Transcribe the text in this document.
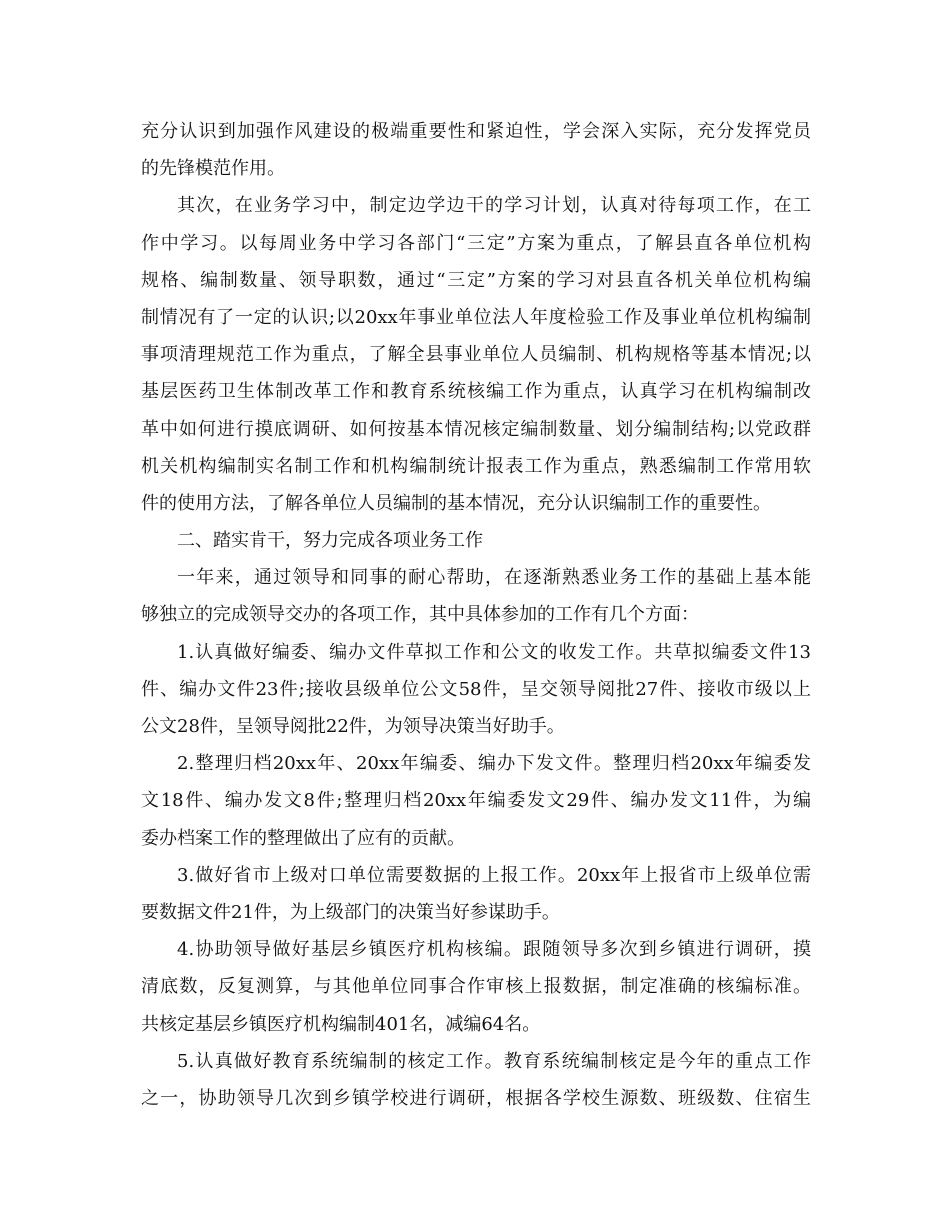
充分认识到加强作风建设的极端重要性和紧迫性，学会深入实际，充分发挥党员
的先锋模范作用。
其次，在业务学习中，制定边学边干的学习计划，认真对待每项工作，在工
作中学习。以每周业务中学习各部门“三定”方案为重点，了解县直各单位机构
规格、编制数量、领导职数，通过“三定”方案的学习对县直各机关单位机构编
制情况有了一定的认识;以20xx年事业单位法人年度检验工作及事业单位机构编制
事项清理规范工作为重点，了解全县事业单位人员编制、机构规格等基本情况;以
基层医药卫生体制改革工作和教育系统核编工作为重点，认真学习在机构编制改
革中如何进行摸底调研、如何按基本情况核定编制数量、划分编制结构;以党政群
机关机构编制实名制工作和机构编制统计报表工作为重点，熟悉编制工作常用软
件的使用方法，了解各单位人员编制的基本情况，充分认识编制工作的重要性。
二、踏实肯干，努力完成各项业务工作
一年来，通过领导和同事的耐心帮助，在逐渐熟悉业务工作的基础上基本能
够独立的完成领导交办的各项工作，其中具体参加的工作有几个方面：
1.认真做好编委、编办文件草拟工作和公文的收发工作。共草拟编委文件13
件、编办文件23件;接收县级单位公文58件，呈交领导阅批27件、接收市级以上
公文28件，呈领导阅批22件，为领导决策当好助手。
2.整理归档20xx年、20xx年编委、编办下发文件。整理归档20xx年编委发
文18件、编办发文8件;整理归档20xx年编委发文29件、编办发文11件，为编
委办档案工作的整理做出了应有的贡献。
3.做好省市上级对口单位需要数据的上报工作。20xx年上报省市上级单位需
要数据文件21件，为上级部门的决策当好参谋助手。
4.协助领导做好基层乡镇医疗机构核编。跟随领导多次到乡镇进行调研，摸
清底数，反复测算，与其他单位同事合作审核上报数据，制定准确的核编标准。
共核定基层乡镇医疗机构编制401名，减编64名。
5.认真做好教育系统编制的核定工作。教育系统编制核定是今年的重点工作
之一，协助领导几次到乡镇学校进行调研，根据各学校生源数、班级数、住宿生
